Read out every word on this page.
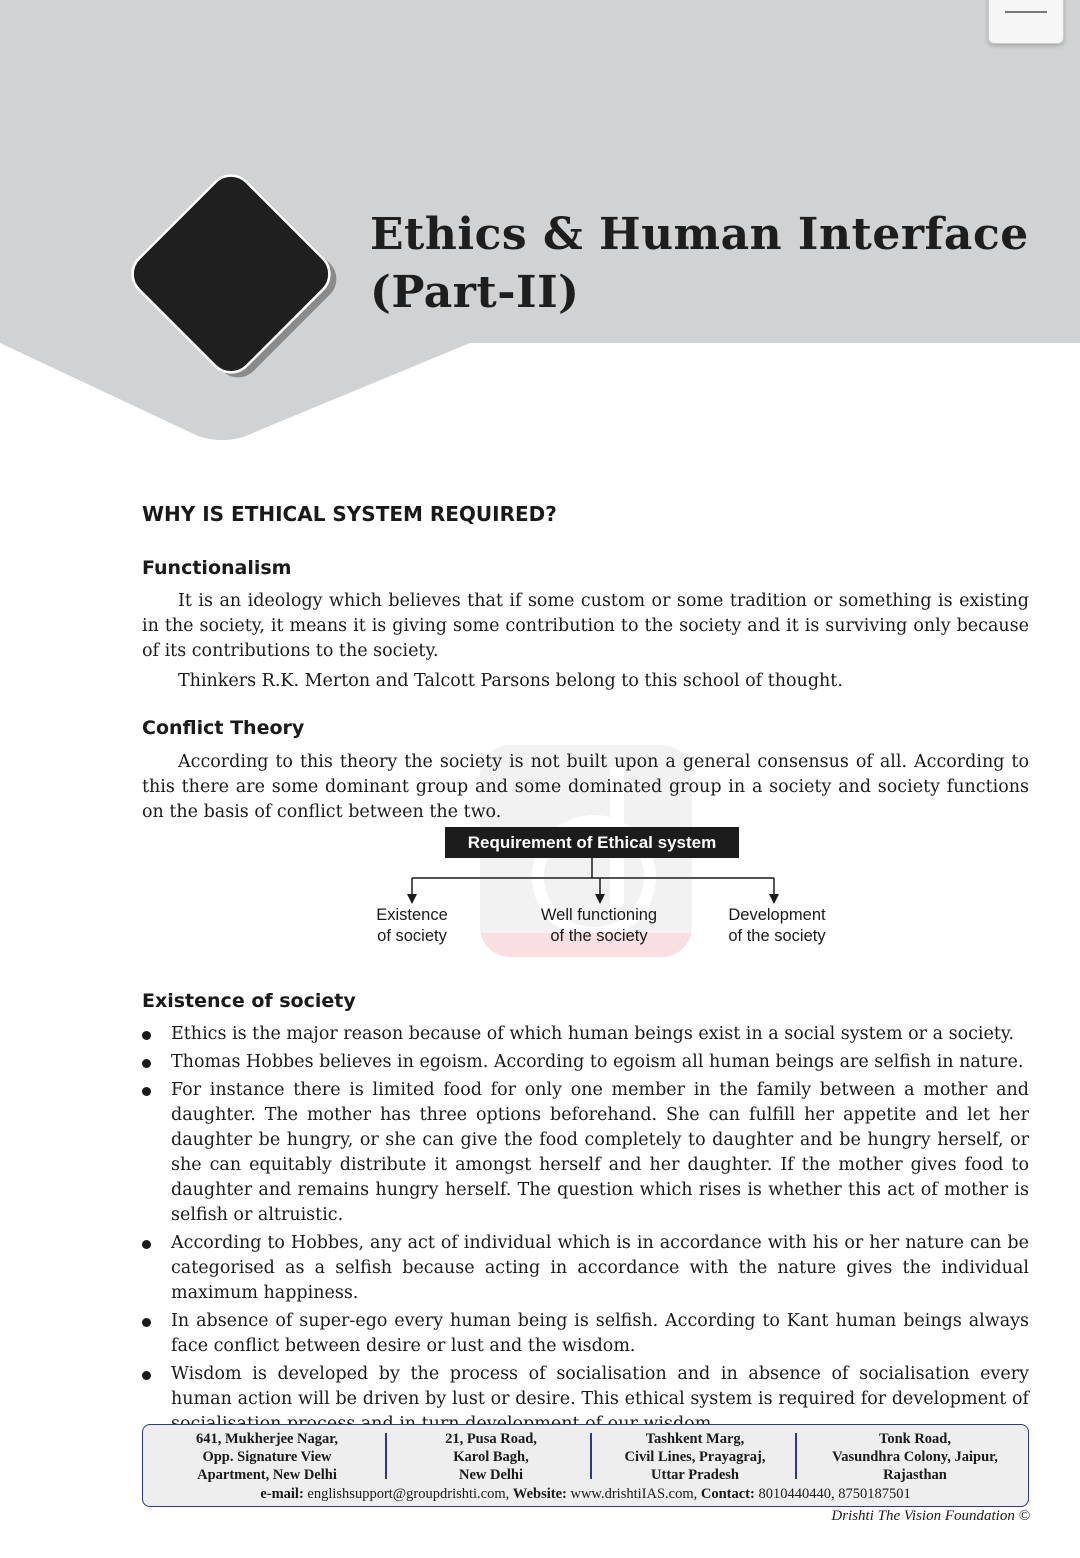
Ethics & Human Interface
(Part-II)
WHY IS ETHICAL SYSTEM REQUIRED?
Functionalism

It is an ideology which believes that if some custom or some tradition or something is existing in the society, it means it is giving some contribution to the society and it is surviving only because of its contributions to the society.

Thinkers R.K. Merton and Talcott Parsons belong to this school of thought.

Conflict Theory

According to this theory the society is not built upon a general consensus of all. According to this there are some dominant group and some dominated group in a society and society functions on the basis of conflict between the two.

Requirement of Ethical system
Existence
of society
Well functioning
of the society
Development
of the society
Existence of society
Ethics is the major reason because of which human beings exist in a social system or a society.
Thomas Hobbes believes in egoism. According to egoism all human beings are selfish in nature.
For instance there is limited food for only one member in the family between a mother and daughter. The mother has three options beforehand. She can fulfill her appetite and let her daughter be hungry, or she can give the food completely to daughter and be hungry herself, or she can equitably distribute it amongst herself and her daughter. If the mother gives food to daughter and remains hungry herself. The question which rises is whether this act of mother is selfish or altruistic.
According to Hobbes, any act of individual which is in accordance with his or her nature can be categorised as a selfish because acting in accordance with the nature gives the individual maximum happiness.
In absence of super-ego every human being is selfish. According to Kant human beings always face conflict between desire or lust and the wisdom.
Wisdom is developed by the process of socialisation and in absence of socialisation every human action will be driven by lust or desire. This ethical system is required for development of
641, Mukherjee Nagar,
Opp. Signature View
Apartment, New Delhi
21, Pusa Road,
Karol Bagh,
New Delhi
Tashkent Marg,
Civil Lines, Prayagraj,
Uttar Pradesh
Tonk Road,
Vasundhra Colony, Jaipur,
Rajasthan
e-mail: englishsupport@groupdrishti.com, Website: www.drishtiIAS.com, Contact: 8010440440, 8750187501

Drishti The Vision Foundation ©
